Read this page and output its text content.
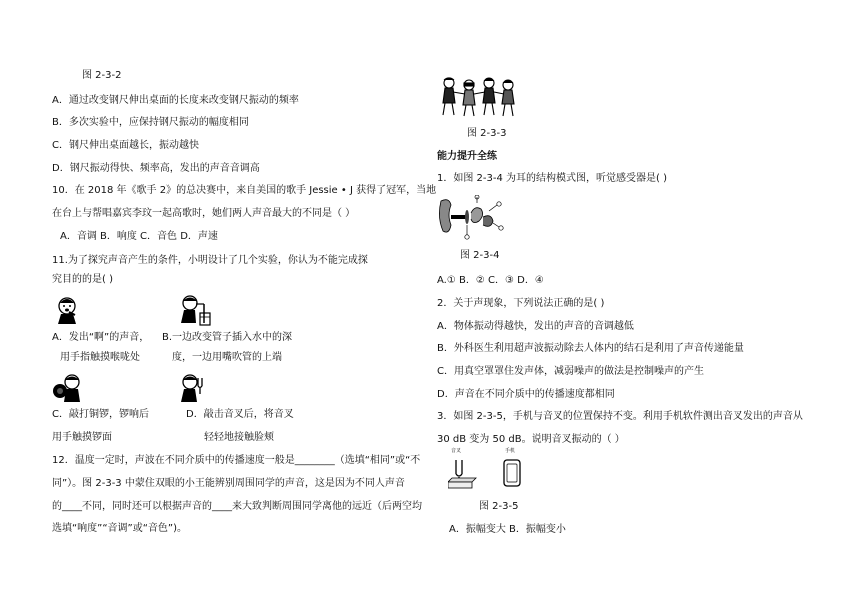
图 2-3-2
A．通过改变钢尺伸出桌面的长度来改变钢尺振动的频率
B．多次实验中，应保持钢尺振动的幅度相同
C．钢尺伸出桌面越长，振动越快
D．钢尺振动得快、频率高，发出的声音音调高
10．在 2018 年《歌手 2》的总决赛中，来自美国的歌手 Jessie • J 获得了冠军，当地
在台上与帮唱嘉宾李玟一起高歌时，她们两人声音最大的不同是（ ）
A．音调 B．响度 C．音色 D．声速
11.为了探究声音产生的条件，小明设计了几个实验，你认为不能完成探
究目的的是( )
A．发出“啊”的声音， B.一边改变管子插入水中的深
用手指触摸喉咙处	度，一边用嘴吹管的上端
C．敲打铜锣，锣响后	D．敲击音叉后，将音叉
用手触摸锣面	轻轻地接触脸颊
12．温度一定时，声波在不同介质中的传播速度一般是________（选填“相同”或“不
同”）。图 2-3-3 中蒙住双眼的小王能辨别周围同学的声音，这是因为不同人声音
的____不同，同时还可以根据声音的____来大致判断周围同学离他的远近（后两空均
选填“响度”“音调”或“音色”)。
图 2-3-3
能力提升全练
1．如图 2-3-4 为耳的结构模式图，听觉感受器是( )
图 2-3-4
A.① B．② C．③ D．④
2．关于声现象，下列说法正确的是( )
A．物体振动得越快，发出的声音的音调越低
B．外科医生利用超声波振动除去人体内的结石是利用了声音传递能量
C．用真空罩罩住发声体，减弱噪声的做法是控制噪声的产生
D．声音在不同介质中的传播速度都相同
3．如图 2-3-5，手机与音叉的位置保持不变。利用手机软件测出音叉发出的声音从
30 dB 变为 50 dB。说明音叉振动的（ ）
音叉	手机
图 2-3-5
A．振幅变大 B．振幅变小
